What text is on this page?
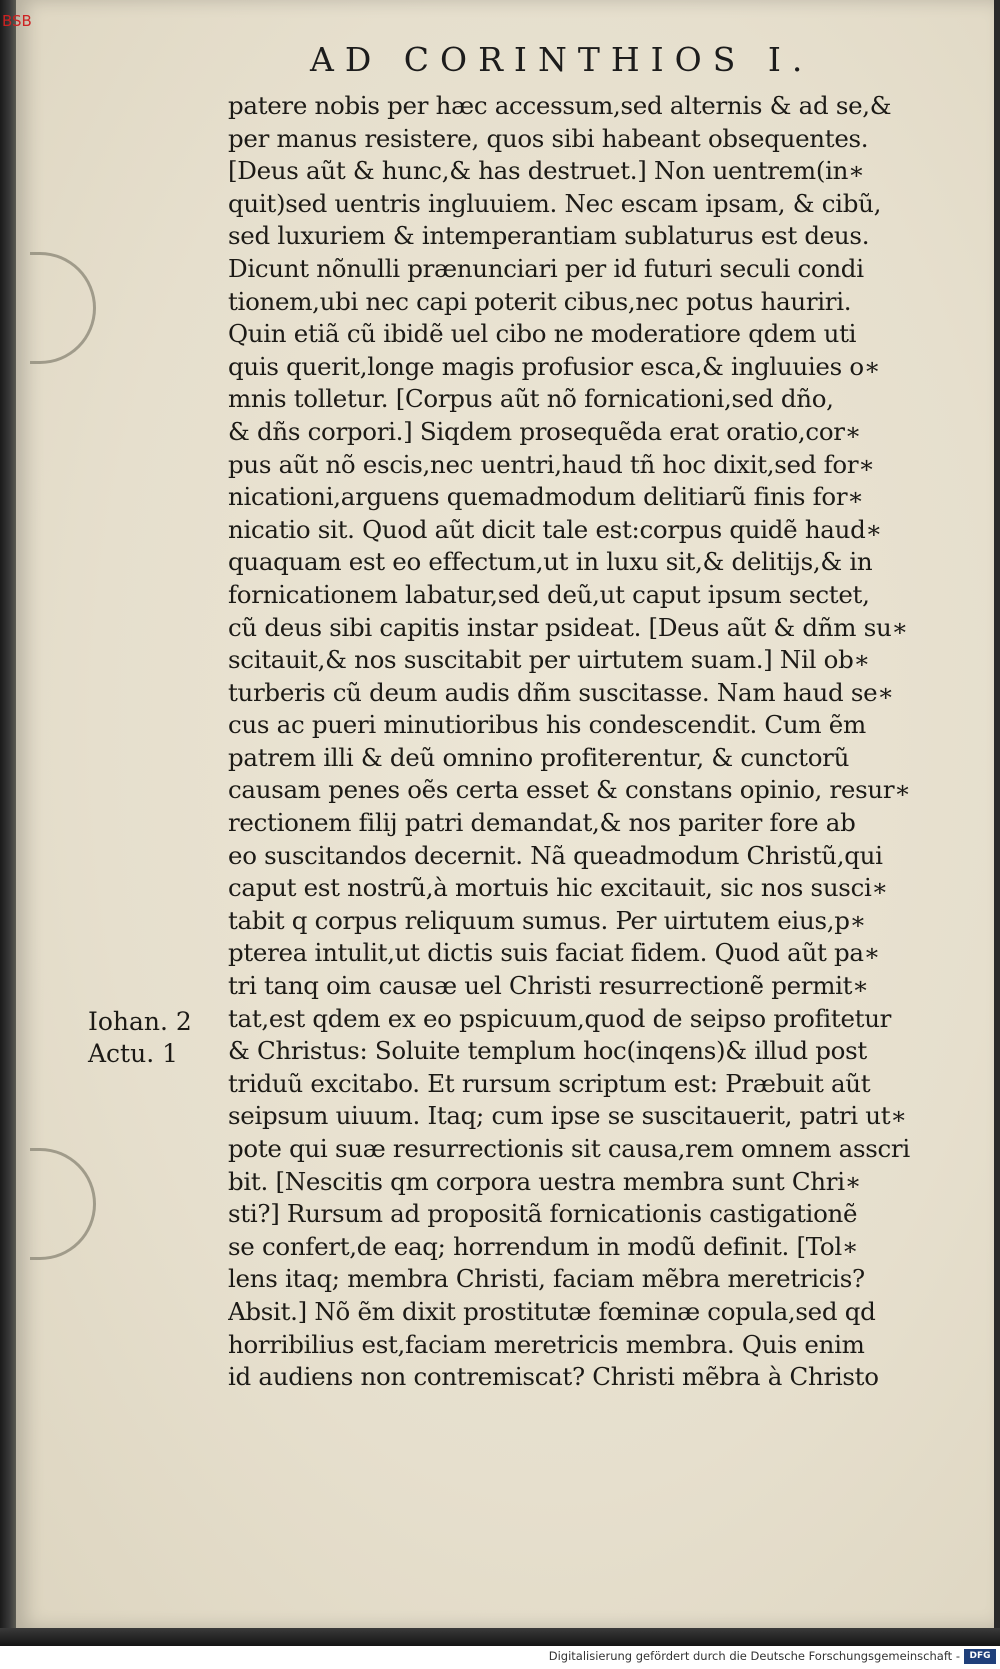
BSB
AD CORINTHIOS I.
patere nobis per hæc accessum,sed alternis & ad se,&
per manus resistere, quos sibi habeant obsequentes.
[Deus aũt & hunc,& has destruet.] Non uentrem(in∗
quit)sed uentris ingluuiem. Nec escam ipsam, & cibũ,
sed luxuriem & intemperantiam sublaturus est deus.
Dicunt nõnulli prænunciari per id futuri seculi condi
tionem,ubi nec capi poterit cibus,nec potus hauriri.
Quin etiã cũ ibidẽ uel cibo ne moderatiore qdem uti
quis querit,longe magis profusior esca,& ingluuies o∗
mnis tolletur. [Corpus aũt nõ fornicationi,sed dño,
& dñs corpori.] Siqdem prosequẽda erat oratio,cor∗
pus aũt nõ escis,nec uentri,haud tñ hoc dixit,sed for∗
nicationi,arguens quemadmodum delitiarũ finis for∗
nicatio sit. Quod aũt dicit tale est:corpus quidẽ haud∗
quaquam est eo effectum,ut in luxu sit,& delitijs,& in
fornicationem labatur,sed deũ,ut caput ipsum sectet,
cũ deus sibi capitis instar psideat. [Deus aũt & dñm su∗
scitauit,& nos suscitabit per uirtutem suam.] Nil ob∗
turberis cũ deum audis dñm suscitasse. Nam haud se∗
cus ac pueri minutioribus his condescendit. Cum ẽm
patrem illi & deũ omnino profiterentur, & cunctorũ
causam penes oẽs certa esset & constans opinio, resur∗
rectionem filij patri demandat,& nos pariter fore ab
eo suscitandos decernit. Nã queadmodum Christũ,qui
caput est nostrũ,à mortuis hic excitauit, sic nos susci∗
tabit q corpus reliquum sumus. Per uirtutem eius,p∗
pterea intulit,ut dictis suis faciat fidem. Quod aũt pa∗
tri tanq oim causæ uel Christi resurrectionẽ permit∗
tat,est qdem ex eo pspicuum,quod de seipso profitetur
& Christus: Soluite templum hoc(inqens)& illud post
triduũ excitabo. Et rursum scriptum est: Præbuit aũt
seipsum uiuum. Itaq; cum ipse se suscitauerit, patri ut∗
pote qui suæ resurrectionis sit causa,rem omnem asscri
bit. [Nescitis qm corpora uestra membra sunt Chri∗
sti?] Rursum ad propositã fornicationis castigationẽ
se confert,de eaq; horrendum in modũ definit. [Tol∗
lens itaq; membra Christi, faciam mẽbra meretricis?
Absit.] Nõ ẽm dixit prostitutæ fœminæ copula,sed qd
horribilius est,faciam meretricis membra. Quis enim
id audiens non contremiscat? Christi mẽbra à Christo
Iohan. 2
Actu. 1
Digitalisierung gefördert durch die Deutsche Forschungsgemeinschaft -	DFG
